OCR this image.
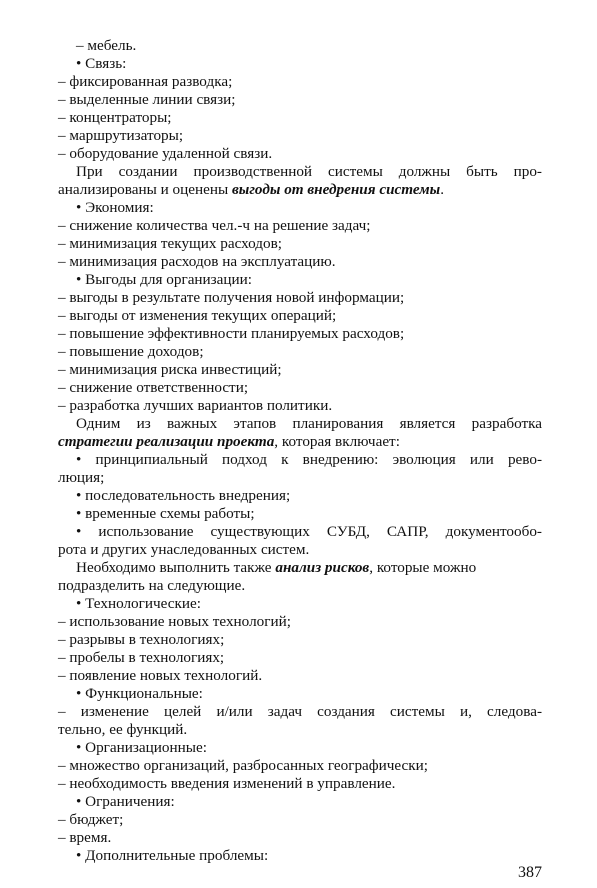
– мебель.
• Связь:
– фиксированная разводка;
– выделенные линии связи;
– концентраторы;
– маршрутизаторы;
– оборудование удаленной связи.
При создании производственной системы должны быть про-
анализированы и оценены выгоды от внедрения системы.
• Экономия:
– снижение количества чел.-ч на решение задач;
– минимизация текущих расходов;
– минимизация расходов на эксплуатацию.
• Выгоды для организации:
– выгоды в результате получения новой информации;
– выгоды от изменения текущих операций;
– повышение эффективности планируемых расходов;
– повышение доходов;
– минимизация риска инвестиций;
– снижение ответственности;
– разработка лучших вариантов политики.
Одним из важных этапов планирования является разработка
стратегии реализации проекта, которая включает:
• принципиальный подход к внедрению: эволюция или рево-
люция;
• последовательность внедрения;
• временные схемы работы;
• использование существующих СУБД, САПР, документообо-
рота и других унаследованных систем.
Необходимо выполнить также анализ рисков, которые можно
подразделить на следующие.
• Технологические:
– использование новых технологий;
– разрывы в технологиях;
– пробелы в технологиях;
– появление новых технологий.
• Функциональные:
– изменение целей и/или задач создания системы и, следова-
тельно, ее функций.
• Организационные:
– множество организаций, разбросанных географически;
– необходимость введения изменений в управление.
• Ограничения:
– бюджет;
– время.
• Дополнительные проблемы:
387
